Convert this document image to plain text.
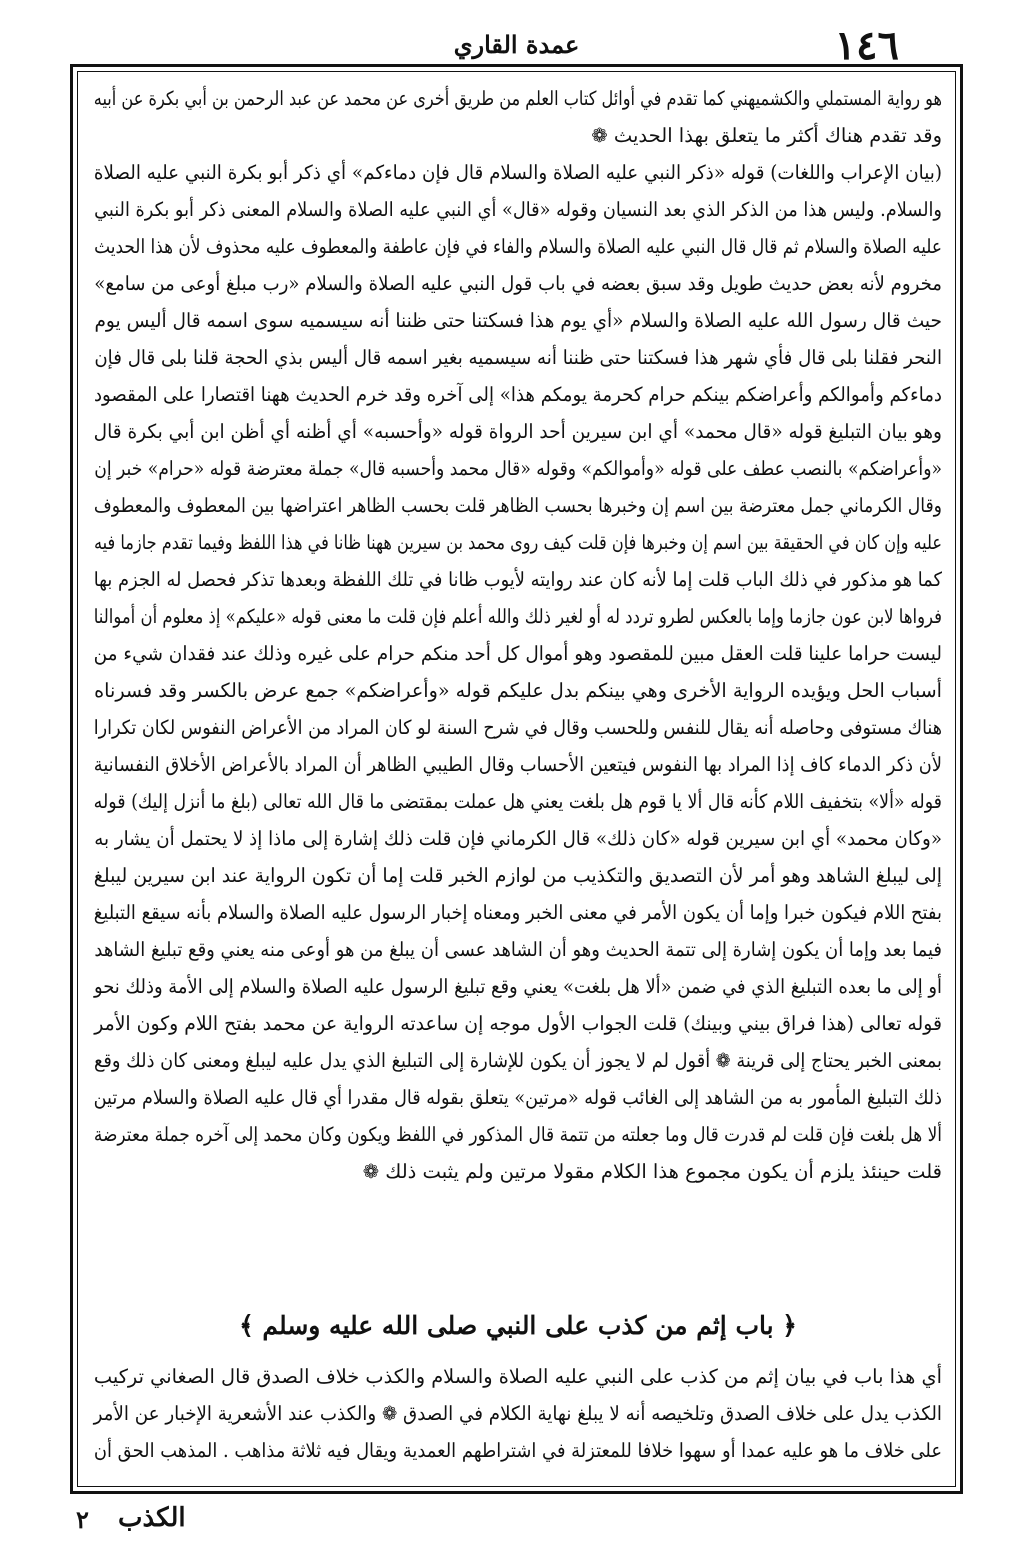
١٤٦
عمدة القاري
هو رواية المستملي والكشميهني كما تقدم في أوائل كتاب العلم من طريق أخرى عن محمد عن عبد الرحمن بن أبي بكرة عن أبيه
وقد تقدم هناك أكثر ما يتعلق بهذا الحديث ❁
(بيان الإعراب واللغات) قوله «ذكر النبي عليه الصلاة والسلام قال فإن دماءكم» أي ذكر أبو بكرة النبي عليه الصلاة
والسلام. وليس هذا من الذكر الذي بعد النسيان وقوله «قال» أي النبي عليه الصلاة والسلام المعنى ذكر أبو بكرة النبي
عليه الصلاة والسلام ثم قال قال النبي عليه الصلاة والسلام والفاء في فإن عاطفة والمعطوف عليه محذوف لأن هذا الحديث
مخروم لأنه بعض حديث طويل وقد سبق بعضه في باب قول النبي عليه الصلاة والسلام «رب مبلغ أوعى من سامع»
حيث قال رسول الله عليه الصلاة والسلام «أي يوم هذا فسكتنا حتى ظننا أنه سيسميه سوى اسمه قال أليس يوم
النحر فقلنا بلى قال فأي شهر هذا فسكتنا حتى ظننا أنه سيسميه بغير اسمه قال أليس بذي الحجة قلنا بلى قال فإن
دماءكم وأموالكم وأعراضكم بينكم حرام كحرمة يومكم هذا» إلى آخره وقد خرم الحديث ههنا اقتصارا على المقصود
وهو بيان التبليغ قوله «قال محمد» أي ابن سيرين أحد الرواة قوله «وأحسبه» أي أظنه أي أظن ابن أبي بكرة قال
«وأعراضكم» بالنصب عطف على قوله «وأموالكم» وقوله «قال محمد وأحسبه قال» جملة معترضة قوله «حرام» خبر إن
وقال الكرماني جمل معترضة بين اسم إن وخبرها بحسب الظاهر قلت بحسب الظاهر اعتراضها بين المعطوف والمعطوف
عليه وإن كان في الحقيقة بين اسم إن وخبرها فإن قلت كيف روى محمد بن سيرين ههنا ظانا في هذا اللفظ وفيما تقدم جازما فيه
كما هو مذكور في ذلك الباب قلت إما لأنه كان عند روايته لأيوب ظانا في تلك اللفظة وبعدها تذكر فحصل له الجزم بها
فرواها لابن عون جازما وإما بالعكس لطرو تردد له أو لغير ذلك والله أعلم فإن قلت ما معنى قوله «عليكم» إذ معلوم أن أموالنا
ليست حراما علينا قلت العقل مبين للمقصود وهو أموال كل أحد منكم حرام على غيره وذلك عند فقدان شيء من
أسباب الحل ويؤيده الرواية الأخرى وهي بينكم بدل عليكم قوله «وأعراضكم» جمع عرض بالكسر وقد فسرناه
هناك مستوفى وحاصله أنه يقال للنفس وللحسب وقال في شرح السنة لو كان المراد من الأعراض النفوس لكان تكرارا
لأن ذكر الدماء كاف إذا المراد بها النفوس فيتعين الأحساب وقال الطيبي الظاهر أن المراد بالأعراض الأخلاق النفسانية
قوله «ألا» بتخفيف اللام كأنه قال ألا يا قوم هل بلغت يعني هل عملت بمقتضى ما قال الله تعالى (بلغ ما أنزل إليك) قوله
«وكان محمد» أي ابن سيرين قوله «كان ذلك» قال الكرماني فإن قلت ذلك إشارة إلى ماذا إذ لا يحتمل أن يشار به
إلى ليبلغ الشاهد وهو أمر لأن التصديق والتكذيب من لوازم الخبر قلت إما أن تكون الرواية عند ابن سيرين ليبلغ
بفتح اللام فيكون خبرا وإما أن يكون الأمر في معنى الخبر ومعناه إخبار الرسول عليه الصلاة والسلام بأنه سيقع التبليغ
فيما بعد وإما أن يكون إشارة إلى تتمة الحديث وهو أن الشاهد عسى أن يبلغ من هو أوعى منه يعني وقع تبليغ الشاهد
أو إلى ما بعده التبليغ الذي في ضمن «ألا هل بلغت» يعني وقع تبليغ الرسول عليه الصلاة والسلام إلى الأمة وذلك نحو
قوله تعالى (هذا فراق بيني وبينك) قلت الجواب الأول موجه إن ساعدته الرواية عن محمد بفتح اللام وكون الأمر
بمعنى الخبر يحتاج إلى قرينة ❁ أقول لم لا يجوز أن يكون للإشارة إلى التبليغ الذي يدل عليه ليبلغ ومعنى كان ذلك وقع
ذلك التبليغ المأمور به من الشاهد إلى الغائب قوله «مرتين» يتعلق بقوله قال مقدرا أي قال عليه الصلاة والسلام مرتين
ألا هل بلغت فإن قلت لم قدرت قال وما جعلته من تتمة قال المذكور في اللفظ ويكون وكان محمد إلى آخره جملة معترضة
قلت حينئذ يلزم أن يكون مجموع هذا الكلام مقولا مرتين ولم يثبت ذلك ❁
﴿ باب إثم من كذب على النبي صلى الله عليه وسلم ﴾
أي هذا باب في بيان إثم من كذب على النبي عليه الصلاة والسلام والكذب خلاف الصدق قال الصغاني تركيب
الكذب يدل على خلاف الصدق وتلخيصه أنه لا يبلغ نهاية الكلام في الصدق ❁ والكذب عند الأشعرية الإخبار عن الأمر
على خلاف ما هو عليه عمدا أو سهوا خلافا للمعتزلة في اشتراطهم العمدية ويقال فيه ثلاثة مذاهب . المذهب الحق أن
الكذب
٢
